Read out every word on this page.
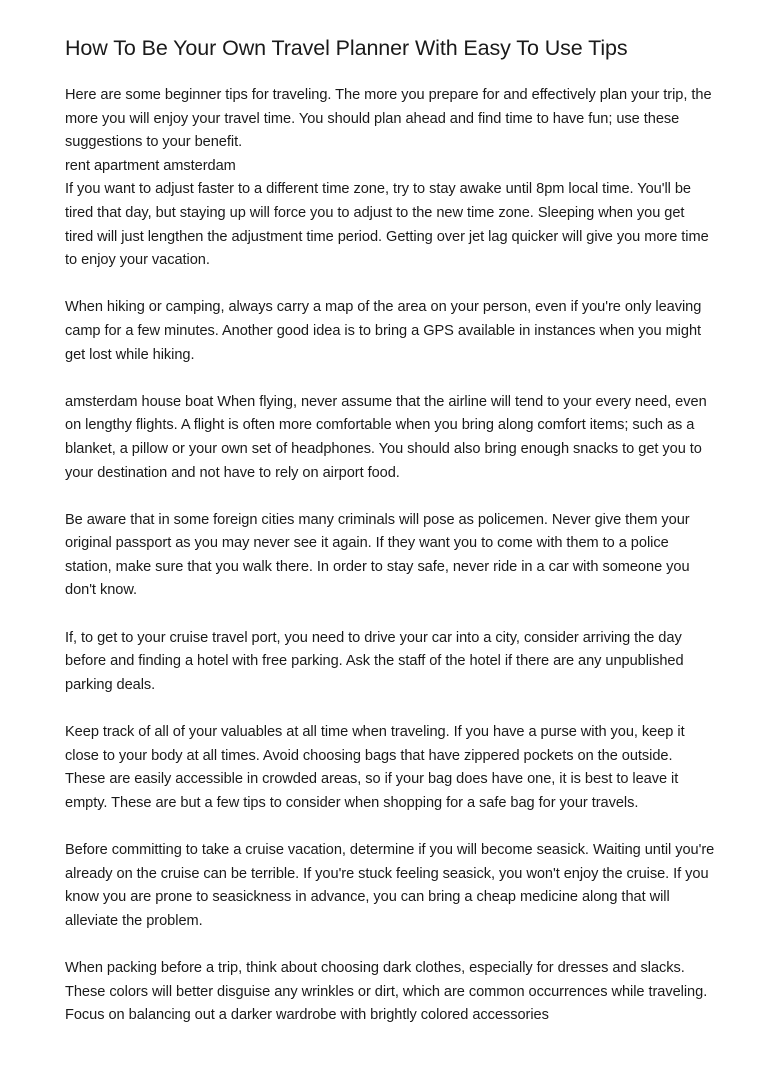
How To Be Your Own Travel Planner With Easy To Use Tips

Here are some beginner tips for traveling. The more you prepare for and effectively plan your trip, the more you will enjoy your travel time. You should plan ahead and find time to have fun; use these suggestions to your benefit.

rent apartment amsterdam

If you want to adjust faster to a different time zone, try to stay awake until 8pm local time. You'll be tired that day, but staying up will force you to adjust to the new time zone. Sleeping when you get tired will just lengthen the adjustment time period. Getting over jet lag quicker will give you more time to enjoy your vacation.

When hiking or camping, always carry a map of the area on your person, even if you're only leaving camp for a few minutes. Another good idea is to bring a GPS available in instances when you might get lost while hiking.

amsterdam house boat When flying, never assume that the airline will tend to your every need, even on lengthy flights. A flight is often more comfortable when you bring along comfort items; such as a blanket, a pillow or your own set of headphones. You should also bring enough snacks to get you to your destination and not have to rely on airport food.

Be aware that in some foreign cities many criminals will pose as policemen. Never give them your original passport as you may never see it again. If they want you to come with them to a police station, make sure that you walk there. In order to stay safe, never ride in a car with someone you don't know.

If, to get to your cruise travel port, you need to drive your car into a city, consider arriving the day before and finding a hotel with free parking. Ask the staff of the hotel if there are any unpublished parking deals.

Keep track of all of your valuables at all time when traveling. If you have a purse with you, keep it close to your body at all times. Avoid choosing bags that have zippered pockets on the outside. These are easily accessible in crowded areas, so if your bag does have one, it is best to leave it empty. These are but a few tips to consider when shopping for a safe bag for your travels.

Before committing to take a cruise vacation, determine if you will become seasick. Waiting until you're already on the cruise can be terrible. If you're stuck feeling seasick, you won't enjoy the cruise. If you know you are prone to seasickness in advance, you can bring a cheap medicine along that will alleviate the problem.

When packing before a trip, think about choosing dark clothes, especially for dresses and slacks. These colors will better disguise any wrinkles or dirt, which are common occurrences while traveling. Focus on balancing out a darker wardrobe with brightly colored accessories
